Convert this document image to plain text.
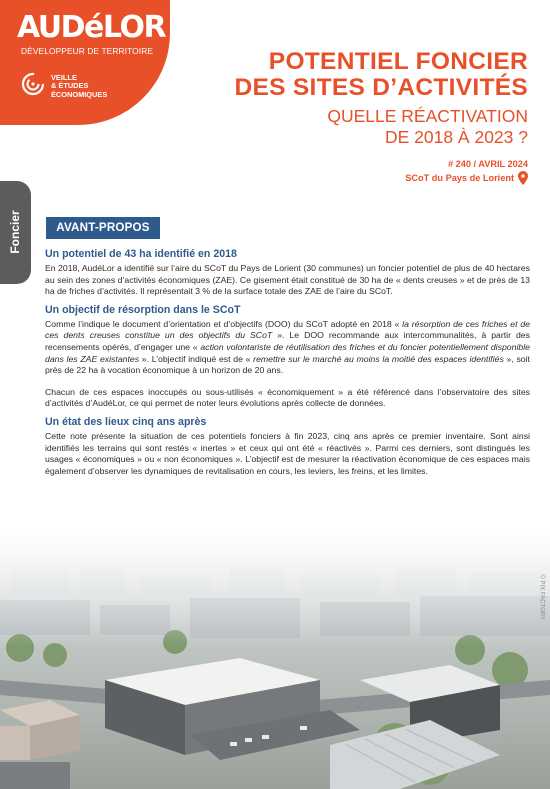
AUDéLOR
DÉVELOPPEUR DE TERRITOIRE
VEILLE
& ÉTUDES
ÉCONOMIQUES
POTENTIEL FONCIER
DES SITES D’ACTIVITÉS
QUELLE RÉACTIVATION
DE 2018 À 2023 ?
# 240 / AVRIL 2024
SCoT du Pays de Lorient
Foncier	AVANT-PROPOS
Un potentiel de 43 ha identifié en 2018

En 2018, AudéLor a identifié sur l’aire du SCoT du Pays de Lorient (30 communes) un foncier potentiel de plus de 40 hectares au sein des zones d’activités économiques (ZAE). Ce gisement était constitué de 30 ha de « dents creuses » et de près de 13 ha de friches d’activités. Il représentait 3 % de la surface totale des ZAE de l’aire du SCoT.

Un objectif de résorption dans le SCoT

Comme l’indique le document d’orientation et d’objectifs (DOO) du SCoT adopté en 2018 « la résorption de ces friches et de ces dents creuses constitue un des objectifs du SCoT ». Le DOO recommande aux intercommunalités, à partir des recensements opérés, d’engager une « action volontariste de réutilisation des friches et du foncier potentiellement disponible dans les ZAE existantes ». L’objectif indiqué est de « remettre sur le marché au moins la moitié des espaces identifiés », soit près de 22 ha à vocation économique à un horizon de 20 ans.

Chacun de ces espaces inoccupés ou sous-utilisés « économiquement » a été référencé dans l’observatoire des sites d’activités d’AudéLor, ce qui permet de noter leurs évolutions après collecte de données.

Un état des lieux cinq ans après

Cette note présente la situation de ces potentiels fonciers à fin 2023, cinq ans après ce premier inventaire. Sont ainsi identifiés les terrains qui sont restés « inertes » et ceux qui ont été « réactivés ». Parmi ces derniers, sont distingués les usages « économiques » ou « non économiques ». L’objectif est de mesurer la réactivation économique de ces espaces mais également d’observer les dynamiques de revitalisation en cours, les leviers, les freins, et les limites.

© PIX FACTORY
